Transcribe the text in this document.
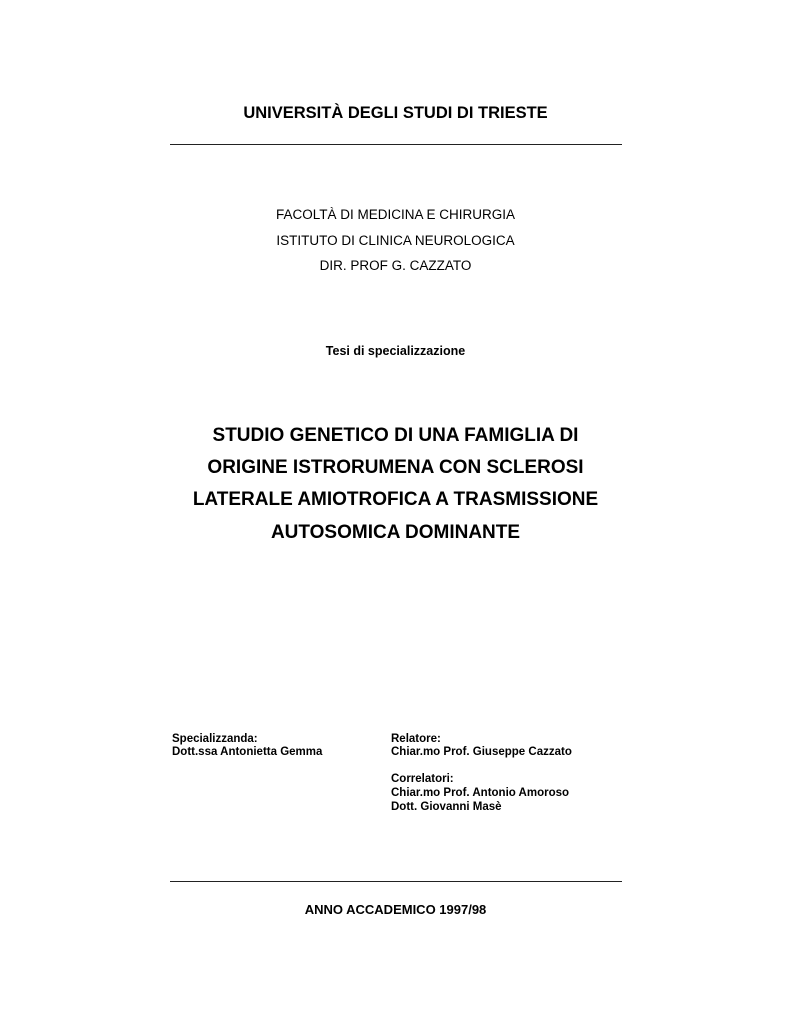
UNIVERSITÀ DEGLI STUDI DI TRIESTE
FACOLTÀ DI MEDICINA E CHIRURGIA
ISTITUTO DI CLINICA NEUROLOGICA
DIR. PROF G. CAZZATO
Tesi di specializzazione
STUDIO GENETICO DI UNA FAMIGLIA DI
ORIGINE ISTRORUMENA CON SCLEROSI
LATERALE AMIOTROFICA A TRASMISSIONE
AUTOSOMICA DOMINANTE
Specializzanda:
Dott.ssa Antonietta Gemma
Relatore:
Chiar.mo Prof. Giuseppe Cazzato
Correlatori:
Chiar.mo Prof. Antonio Amoroso
Dott. Giovanni Masè
ANNO ACCADEMICO 1997/98
